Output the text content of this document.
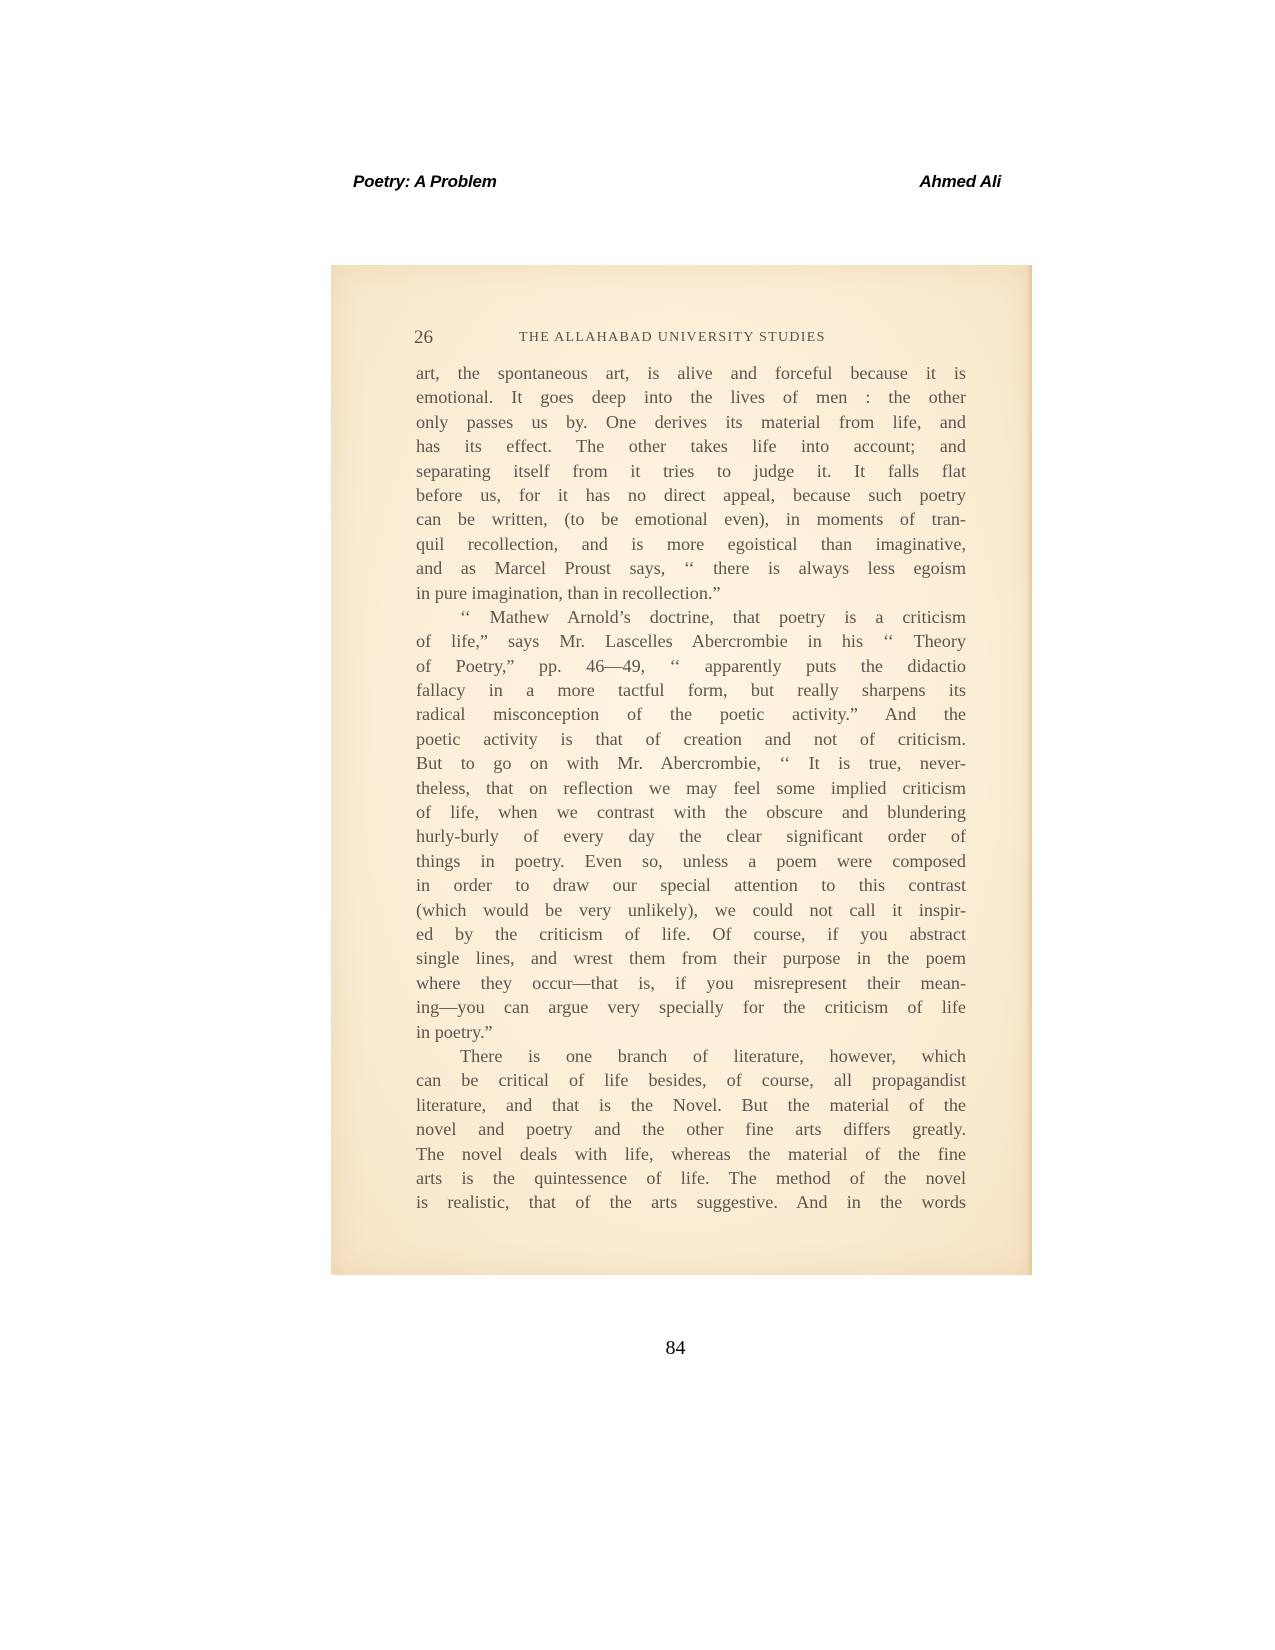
Poetry: A Problem	Ahmed Ali
26	THE ALLAHABAD UNIVERSITY STUDIES
art, the spontaneous art, is alive and forceful because it is
emotional. It goes deep into the lives of men : the other
only passes us by. One derives its material from life, and
has its effect. The other takes life into account; and
separating itself from it tries to judge it. It falls flat
before us, for it has no direct appeal, because such poetry
can be written, (to be emotional even), in moments of tran-
quil recollection, and is more egoistical than imaginative,
and as Marcel Proust says, ‘‘ there is always less egoism
in pure imagination, than in recollection.”
‘‘ Mathew Arnold’s doctrine, that poetry is a criticism
of life,” says Mr. Lascelles Abercrombie in his ‘‘ Theory
of Poetry,” pp. 46—49, ‘‘ apparently puts the didactio
fallacy in a more tactful form, but really sharpens its
radical misconception of the poetic activity.” And the
poetic activity is that of creation and not of criticism.
But to go on with Mr. Abercrombie, ‘‘ It is true, never-
theless, that on reflection we may feel some implied criticism
of life, when we contrast with the obscure and blundering
hurly-burly of every day the clear significant order of
things in poetry. Even so, unless a poem were composed
in order to draw our special attention to this contrast
(which would be very unlikely), we could not call it inspir-
ed by the criticism of life. Of course, if you abstract
single lines, and wrest them from their purpose in the poem
where they occur—that is, if you misrepresent their mean-
ing—you can argue very specially for the criticism of life
in poetry.”
There is one branch of literature, however, which
can be critical of life besides, of course, all propagandist
literature, and that is the Novel. But the material of the
novel and poetry and the other fine arts differs greatly.
The novel deals with life, whereas the material of the fine
arts is the quintessence of life. The method of the novel
is realistic, that of the arts suggestive. And in the words
84
